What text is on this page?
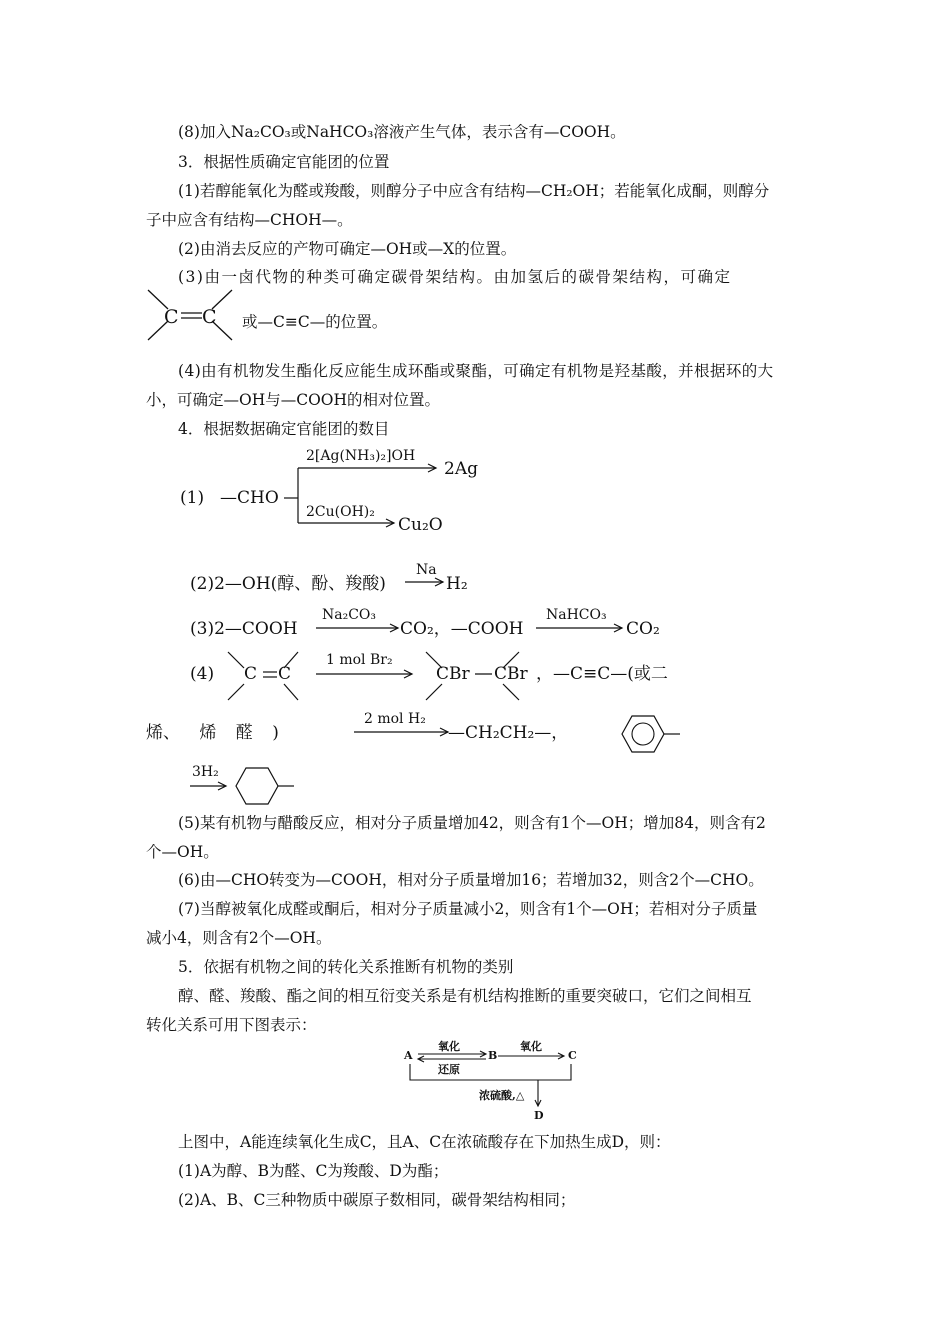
(8)加入Na₂CO₃或NaHCO₃溶液产生气体，表示含有—COOH。
3．根据性质确定官能团的位置
(1)若醇能氧化为醛或羧酸，则醇分子中应含有结构—CH₂OH；若能氧化成酮，则醇分
子中应含有结构—CHOH—。
(2)由消去反应的产物可确定—OH或—X的位置。
(3)由一卤代物的种类可确定碳骨架结构。由加氢后的碳骨架结构，可确定
C C 或—C≡C—的位置。
(4)由有机物发生酯化反应能生成环酯或聚酯，可确定有机物是羟基酸，并根据环的大
小，可确定—OH与—COOH的相对位置。
4．根据数据确定官能团的数目
(1) —CHO
2[Ag(NH₃)₂]OH
2Ag
2Cu(OH)₂
Cu₂O
(2)2—OH(醇、酚、羧酸)
Na
H₂
(3)2—COOH
Na₂CO₃
CO₂，—COOH
NaHCO₃
CO₂
(4) C C
1 mol Br₂
CBr CBr ，—C≡C—(或二
烯、 烯 醛 )
2 mol H₂
—CH₂CH₂—，
3H₂
(5)某有机物与醋酸反应，相对分子质量增加42，则含有1个—OH；增加84，则含有2
个—OH。
(6)由—CHO转变为—COOH，相对分子质量增加16；若增加32，则含2个—CHO。
(7)当醇被氧化成醛或酮后，相对分子质量减小2，则含有1个—OH；若相对分子质量
减小4，则含有2个—OH。
5．依据有机物之间的转化关系推断有机物的类别
醇、醛、羧酸、酯之间的相互衍变关系是有机结构推断的重要突破口，它们之间相互
转化关系可用下图表示：
A	B	C
D
氧化
还原
氧化
浓硫酸,△
上图中，A能连续氧化生成C，且A、C在浓硫酸存在下加热生成D，则：
(1)A为醇、B为醛、C为羧酸、D为酯；
(2)A、B、C三种物质中碳原子数相同，碳骨架结构相同；
